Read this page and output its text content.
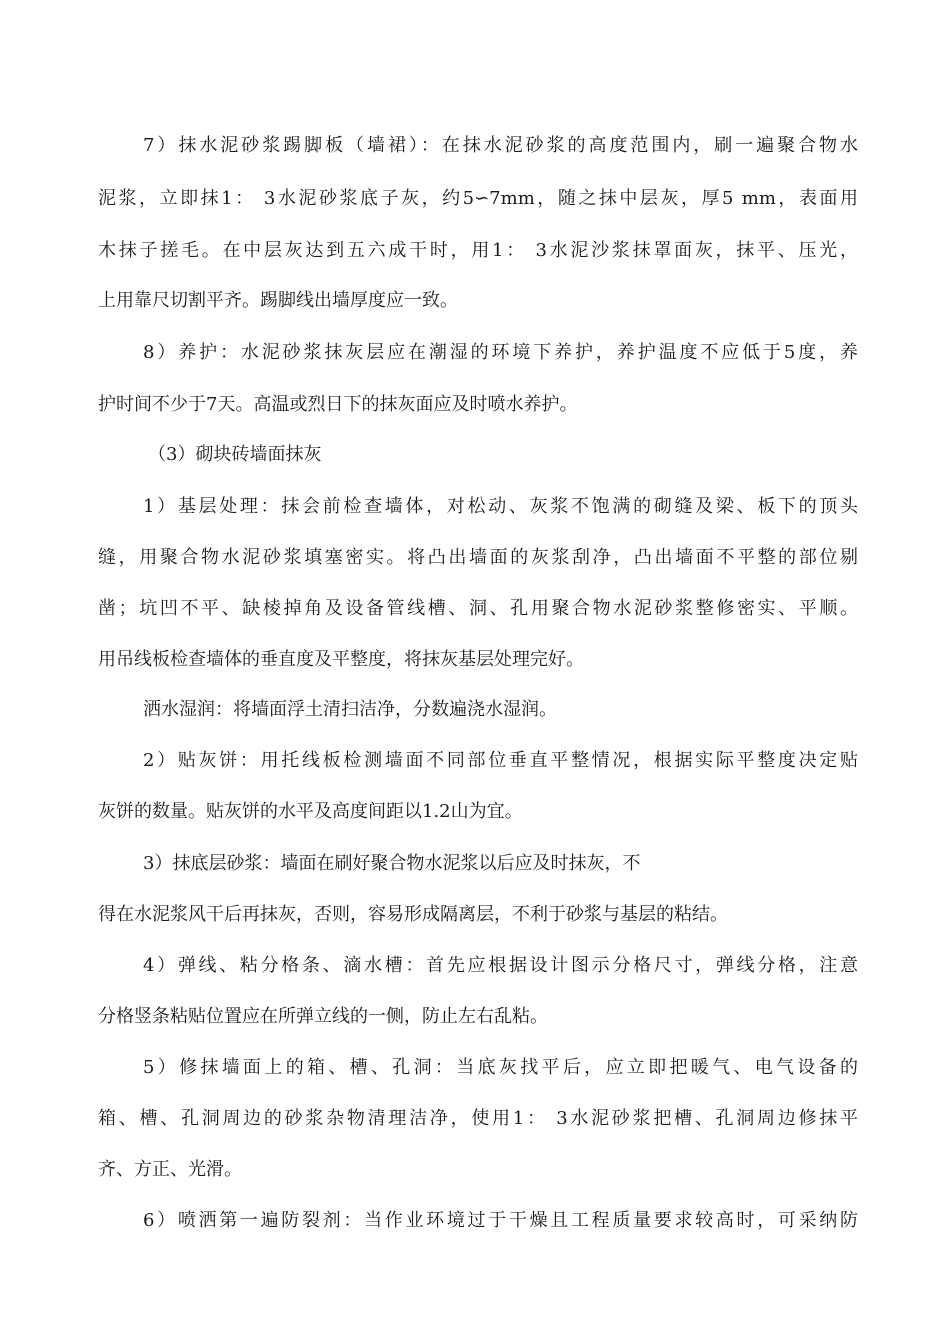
7）抹水泥砂浆踢脚板（墙裙）：在抹水泥砂浆的高度范围内，刷一遍聚合物水
泥浆，立即抹1： 3水泥砂浆底子灰，约5∽7mm，随之抹中层灰，厚5 mm，表面用
木抹子搓毛。在中层灰达到五六成干时，用1： 3水泥沙浆抹罩面灰，抹平、压光，
上用靠尺切割平齐。踢脚线出墙厚度应一致。
8）养护：水泥砂浆抹灰层应在潮湿的环境下养护，养护温度不应低于5度，养
护时间不少于7天。高温或烈日下的抹灰面应及时喷水养护。
（3）砌块砖墙面抹灰
1）基层处理：抹会前检查墙体，对松动、灰浆不饱满的砌缝及梁、板下的顶头
缝，用聚合物水泥砂浆填塞密实。将凸出墙面的灰浆刮净，凸出墙面不平整的部位剔
凿；坑凹不平、缺棱掉角及设备管线槽、洞、孔用聚合物水泥砂浆整修密实、平顺。
用吊线板检查墙体的垂直度及平整度，将抹灰基层处理完好。
洒水湿润：将墙面浮土清扫洁净，分数遍浇水湿润。
2）贴灰饼：用托线板检测墙面不同部位垂直平整情况，根据实际平整度决定贴
灰饼的数量。贴灰饼的水平及高度间距以1.2山为宜。
3）抹底层砂浆：墙面在刷好聚合物水泥浆以后应及时抹灰，不
得在水泥浆风干后再抹灰，否则，容易形成隔离层，不利于砂浆与基层的粘结。
4）弹线、粘分格条、滴水槽：首先应根据设计图示分格尺寸，弹线分格，注意
分格竖条粘贴位置应在所弹立线的一侧，防止左右乱粘。
5）修抹墙面上的箱、槽、孔洞：当底灰找平后，应立即把暖气、电气设备的
箱、槽、孔洞周边的砂浆杂物清理洁净，使用1： 3水泥砂浆把槽、孔洞周边修抹平
齐、方正、光滑。
6）喷洒第一遍防裂剂：当作业环境过于干燥且工程质量要求较高时，可采纳防
